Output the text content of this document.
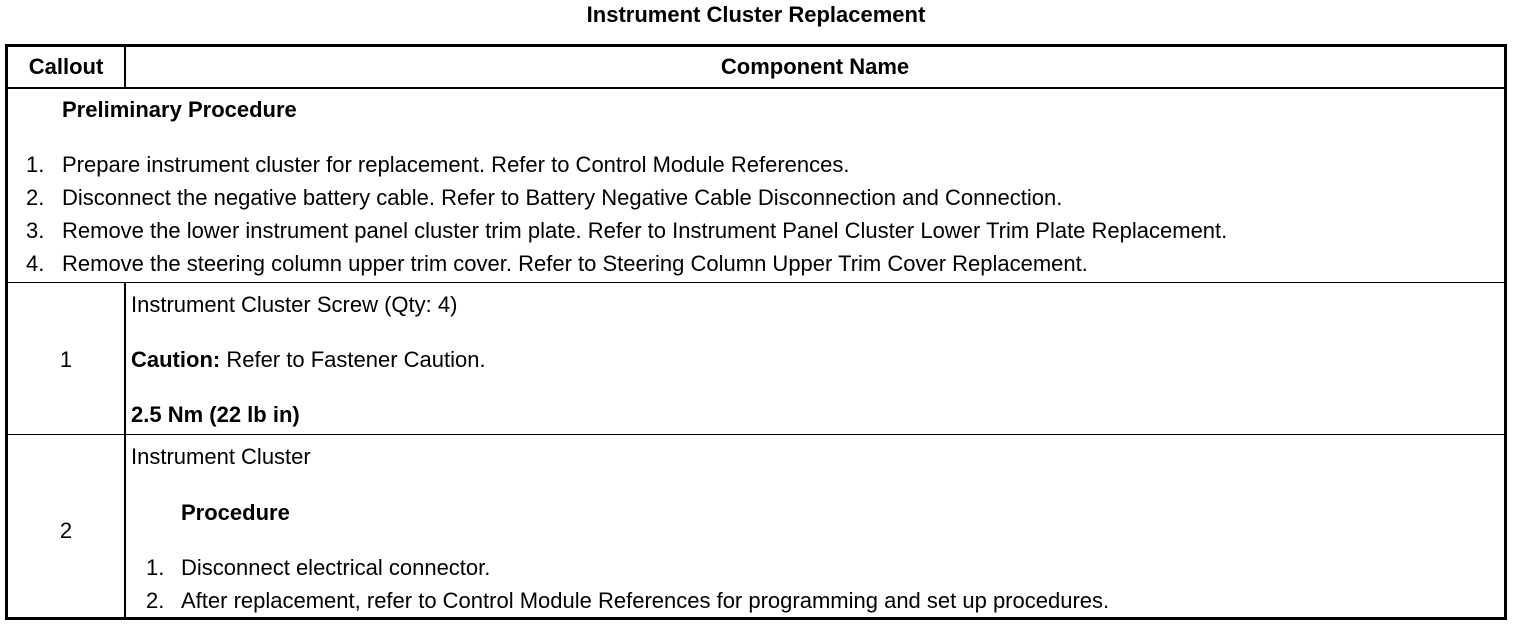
Instrument Cluster Replacement
Callout	Component Name
Preliminary Procedure
1. Prepare instrument cluster for replacement. Refer to Control Module References.
2. Disconnect the negative battery cable. Refer to Battery Negative Cable Disconnection and Connection.
3. Remove the lower instrument panel cluster trim plate. Refer to Instrument Panel Cluster Lower Trim Plate Replacement.
4. Remove the steering column upper trim cover. Refer to Steering Column Upper Trim Cover Replacement.
1
Instrument Cluster Screw (Qty: 4)
Caution: Refer to Fastener Caution.
2.5 Nm (22 lb in)
2
Instrument Cluster
Procedure
1. Disconnect electrical connector.
2. After replacement, refer to Control Module References for programming and set up procedures.
